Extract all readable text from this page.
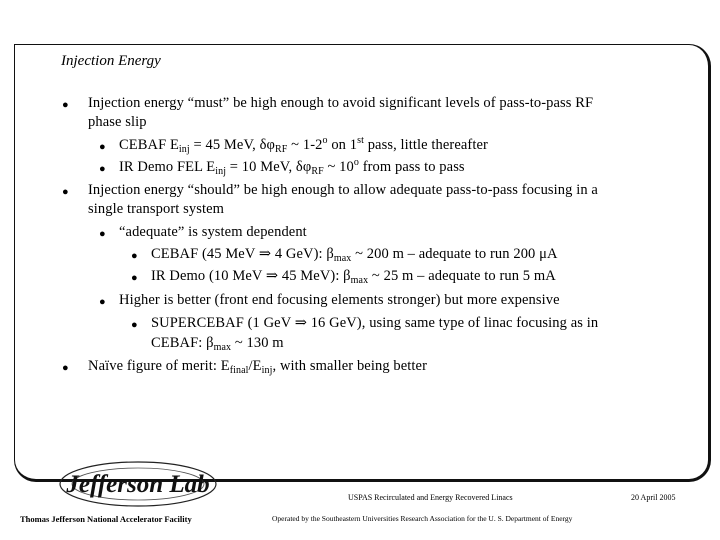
Injection Energy
● Injection energy “must” be high enough to avoid significant levels of pass-to-pass RF
phase slip
● CEBAF $E_{inj} = 45$ MeV, $\delta\varphi_{RF}$ ~ 1-2$^o$ on 1st pass, little thereafter
● IR Demo FEL $E_{inj} = 10$ MeV, $\delta\varphi_{RF}$ ~ 10$^o$ from pass to pass
● Injection energy “should” be high enough to allow adequate pass-to-pass focusing in a
single transport system
● “adequate” is system dependent
● CEBAF (45 MeV ⇒ 4 GeV): $\beta_{max}$ ~ 200 m – adequate to run 200 μA
● IR Demo (10 MeV ⇒ 45 MeV): $\beta_{max}$ ~ 25 m – adequate to run 5 mA
● Higher is better (front end focusing elements stronger) but more expensive
● SUPERCEBAF (1 GeV ⇒ 16 GeV), using same type of linac focusing as in
CEBAF: $\beta_{max}$ ~ 130 m
● Naïve figure of merit: $E_{final}/E_{inj}$, with smaller being better
Jefferson Lab	USPAS Recirculated and Energy Recovered Linacs	20 April 2005
Thomas Jefferson National Accelerator Facility	Operated by the Southeastern Universities Research Association for the U. S. Department of Energy
